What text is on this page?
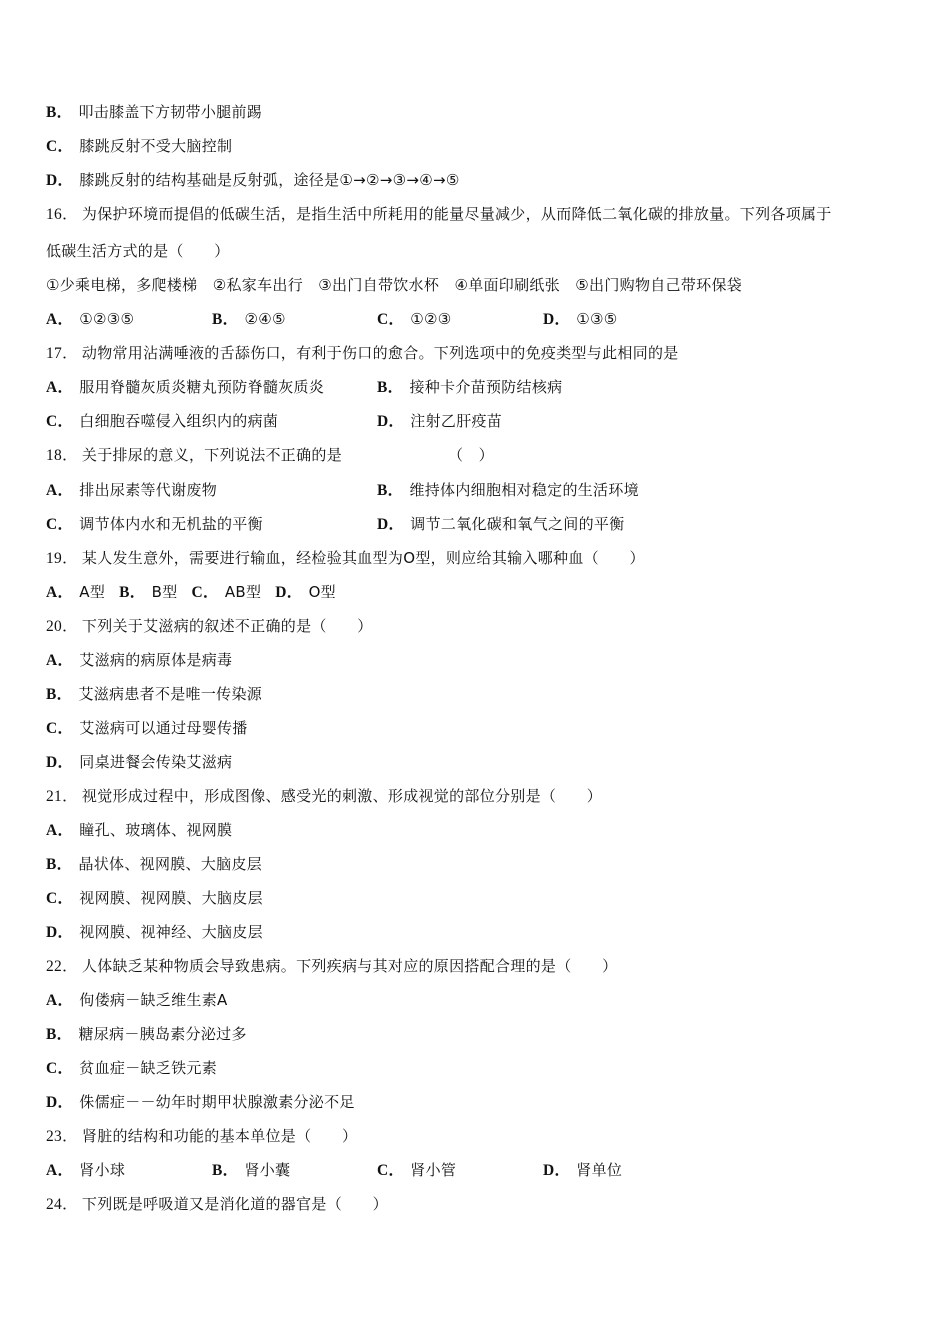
B． 叩击膝盖下方韧带小腿前踢
C． 膝跳反射不受大脑控制
D． 膝跳反射的结构基础是反射弧，途径是①→②→③→④→⑤
16． 为保护环境而提倡的低碳生活，是指生活中所耗用的能量尽量减少，从而降低二氧化碳的排放量。下列各项属于
低碳生活方式的是（　　）
①少乘电梯，多爬楼梯　②私家车出行　③出门自带饮水杯　④单面印刷纸张　⑤出门购物自己带环保袋
A． ①②③⑤	B． ②④⑤	C． ①②③	D． ①③⑤
17． 动物常用沾满唾液的舌舔伤口，有利于伤口的愈合。下列选项中的免疫类型与此相同的是
A． 服用脊髓灰质炎糖丸预防脊髓灰质炎	B． 接种卡介苗预防结核病
C． 白细胞吞噬侵入组织内的病菌	D． 注射乙肝疫苗
18． 关于排尿的意义，下列说法不正确的是	（　）
A． 排出尿素等代谢废物	B． 维持体内细胞相对稳定的生活环境
C． 调节体内水和无机盐的平衡	D． 调节二氧化碳和氧气之间的平衡
19． 某人发生意外，需要进行输血，经检验其血型为O型，则应给其输入哪种血（　　）
A． A型 B． B型 C． AB型 D． O型
20． 下列关于艾滋病的叙述不正确的是（　　）
A． 艾滋病的病原体是病毒
B． 艾滋病患者不是唯一传染源
C． 艾滋病可以通过母婴传播
D． 同桌进餐会传染艾滋病
21． 视觉形成过程中，形成图像、感受光的刺激、形成视觉的部位分别是（　　）
A． 瞳孔、玻璃体、视网膜
B． 晶状体、视网膜、大脑皮层
C． 视网膜、视网膜、大脑皮层
D． 视网膜、视神经、大脑皮层
22． 人体缺乏某种物质会导致患病。下列疾病与其对应的原因搭配合理的是（　　）
A． 佝偻病－缺乏维生素A
B． 糖尿病－胰岛素分泌过多
C． 贫血症－缺乏铁元素
D． 侏儒症－－幼年时期甲状腺激素分泌不足
23． 肾脏的结构和功能的基本单位是（　　）
A． 肾小球	B． 肾小囊	C． 肾小管	D． 肾单位
24． 下列既是呼吸道又是消化道的器官是（　　）
